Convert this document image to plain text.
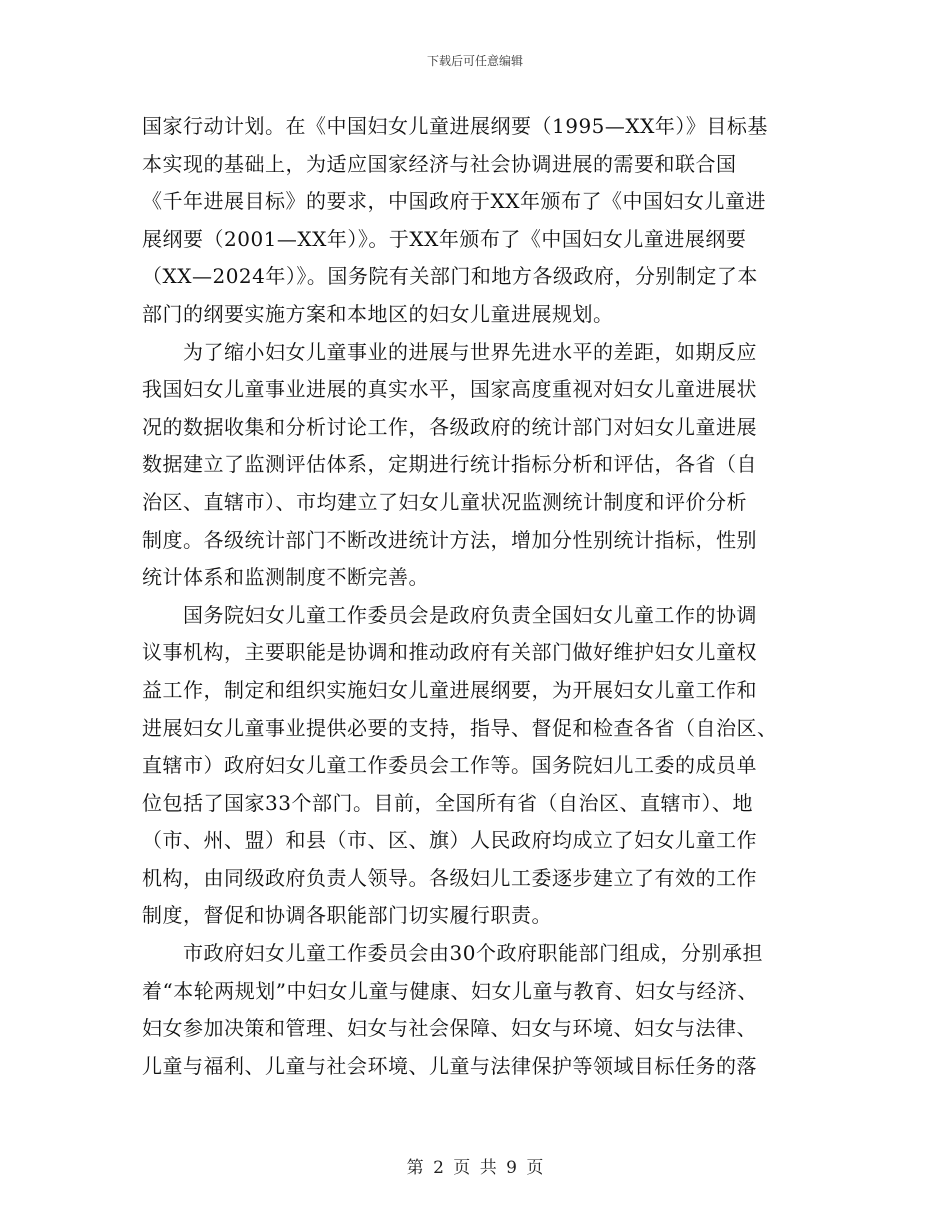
下载后可任意编辑
国家行动计划。在《中国妇女儿童进展纲要（1995—XX年）》目标基
本实现的基础上，为适应国家经济与社会协调进展的需要和联合国
《千年进展目标》的要求，中国政府于XX年颁布了《中国妇女儿童进
展纲要（2001—XX年）》。于XX年颁布了《中国妇女儿童进展纲要
（XX—2024年）》。国务院有关部门和地方各级政府，分别制定了本
部门的纲要实施方案和本地区的妇女儿童进展规划。
　　为了缩小妇女儿童事业的进展与世界先进水平的差距，如期反应
我国妇女儿童事业进展的真实水平，国家高度重视对妇女儿童进展状
况的数据收集和分析讨论工作，各级政府的统计部门对妇女儿童进展
数据建立了监测评估体系，定期进行统计指标分析和评估，各省（自
治区、直辖市）、市均建立了妇女儿童状况监测统计制度和评价分析
制度。各级统计部门不断改进统计方法，增加分性别统计指标，性别
统计体系和监测制度不断完善。
　　国务院妇女儿童工作委员会是政府负责全国妇女儿童工作的协调
议事机构，主要职能是协调和推动政府有关部门做好维护妇女儿童权
益工作，制定和组织实施妇女儿童进展纲要，为开展妇女儿童工作和
进展妇女儿童事业提供必要的支持，指导、督促和检查各省（自治区、
直辖市）政府妇女儿童工作委员会工作等。国务院妇儿工委的成员单
位包括了国家33个部门。目前，全国所有省（自治区、直辖市）、地
（市、州、盟）和县（市、区、旗）人民政府均成立了妇女儿童工作
机构，由同级政府负责人领导。各级妇儿工委逐步建立了有效的工作
制度，督促和协调各职能部门切实履行职责。
　　市政府妇女儿童工作委员会由30个政府职能部门组成，分别承担
着“本轮两规划”中妇女儿童与健康、妇女儿童与教育、妇女与经济、
妇女参加决策和管理、妇女与社会保障、妇女与环境、妇女与法律、
儿童与福利、儿童与社会环境、儿童与法律保护等领域目标任务的落
第 2 页 共 9 页
